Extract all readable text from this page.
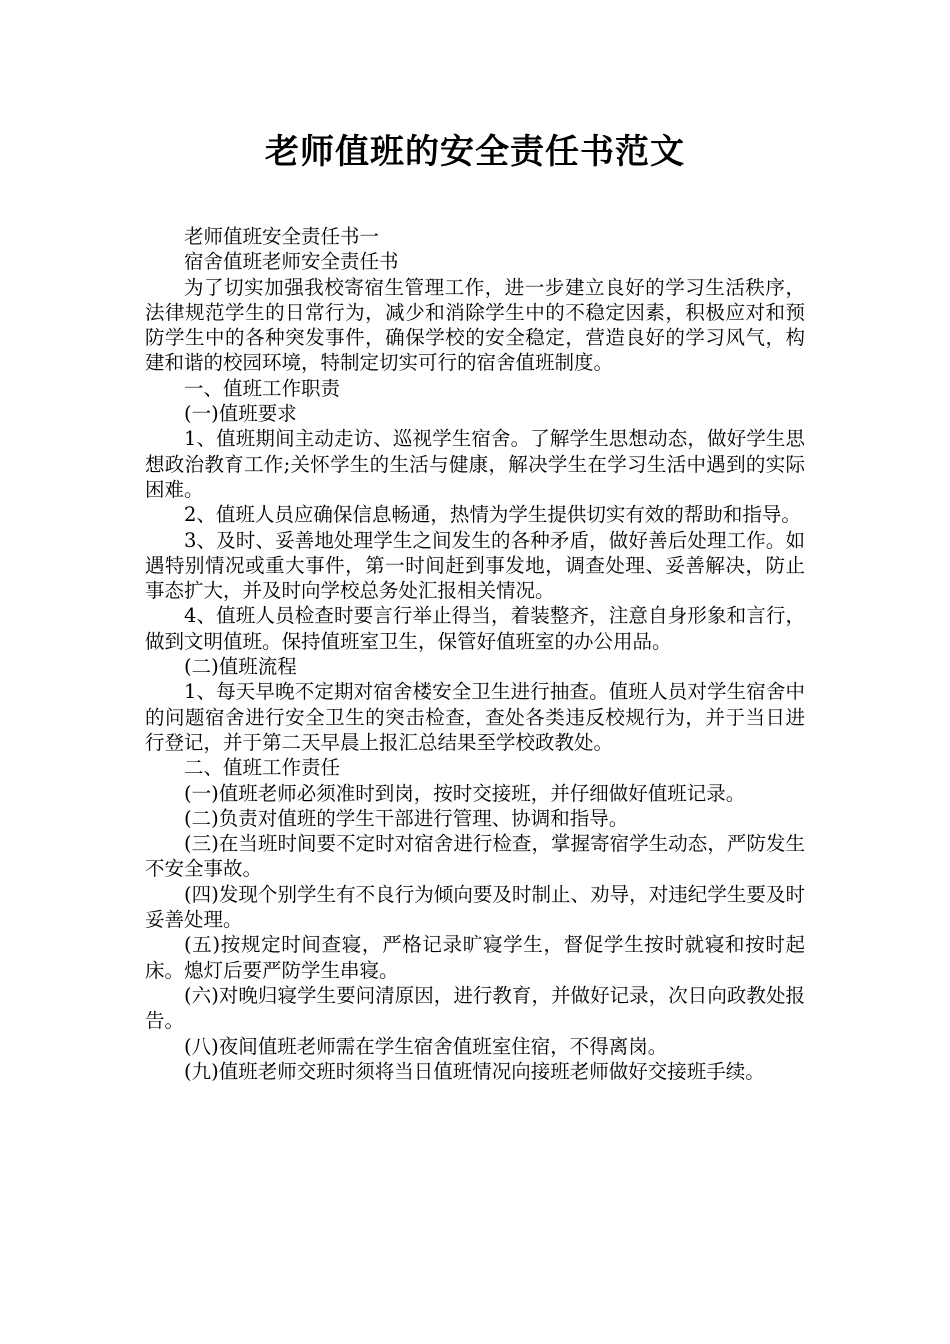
老师值班的安全责任书范文

老师值班安全责任书一

宿舍值班老师安全责任书

为了切实加强我校寄宿生管理工作，进一步建立良好的学习生活秩序，法律规范学生的日常行为，减少和消除学生中的不稳定因素，积极应对和预防学生中的各种突发事件，确保学校的安全稳定，营造良好的学习风气，构建和谐的校园环境，特制定切实可行的宿舍值班制度。

一、值班工作职责

(一)值班要求

1、值班期间主动走访、巡视学生宿舍。了解学生思想动态，做好学生思想政治教育工作;关怀学生的生活与健康，解决学生在学习生活中遇到的实际困难。

2、值班人员应确保信息畅通，热情为学生提供切实有效的帮助和指导。

3、及时、妥善地处理学生之间发生的各种矛盾，做好善后处理工作。如遇特别情况或重大事件，第一时间赶到事发地，调查处理、妥善解决，防止事态扩大，并及时向学校总务处汇报相关情况。

4、值班人员检查时要言行举止得当，着装整齐，注意自身形象和言行，做到文明值班。保持值班室卫生，保管好值班室的办公用品。

(二)值班流程

1、每天早晚不定期对宿舍楼安全卫生进行抽查。值班人员对学生宿舍中的问题宿舍进行安全卫生的突击检查，查处各类违反校规行为，并于当日进行登记，并于第二天早晨上报汇总结果至学校政教处。

二、值班工作责任

(一)值班老师必须准时到岗，按时交接班，并仔细做好值班记录。

(二)负责对值班的学生干部进行管理、协调和指导。

(三)在当班时间要不定时对宿舍进行检查，掌握寄宿学生动态，严防发生不安全事故。

(四)发现个别学生有不良行为倾向要及时制止、劝导，对违纪学生要及时妥善处理。

(五)按规定时间查寝，严格记录旷寝学生，督促学生按时就寝和按时起床。熄灯后要严防学生串寝。

(六)对晚归寝学生要问清原因，进行教育，并做好记录，次日向政教处报告。

(八)夜间值班老师需在学生宿舍值班室住宿，不得离岗。

(九)值班老师交班时须将当日值班情况向接班老师做好交接班手续。
